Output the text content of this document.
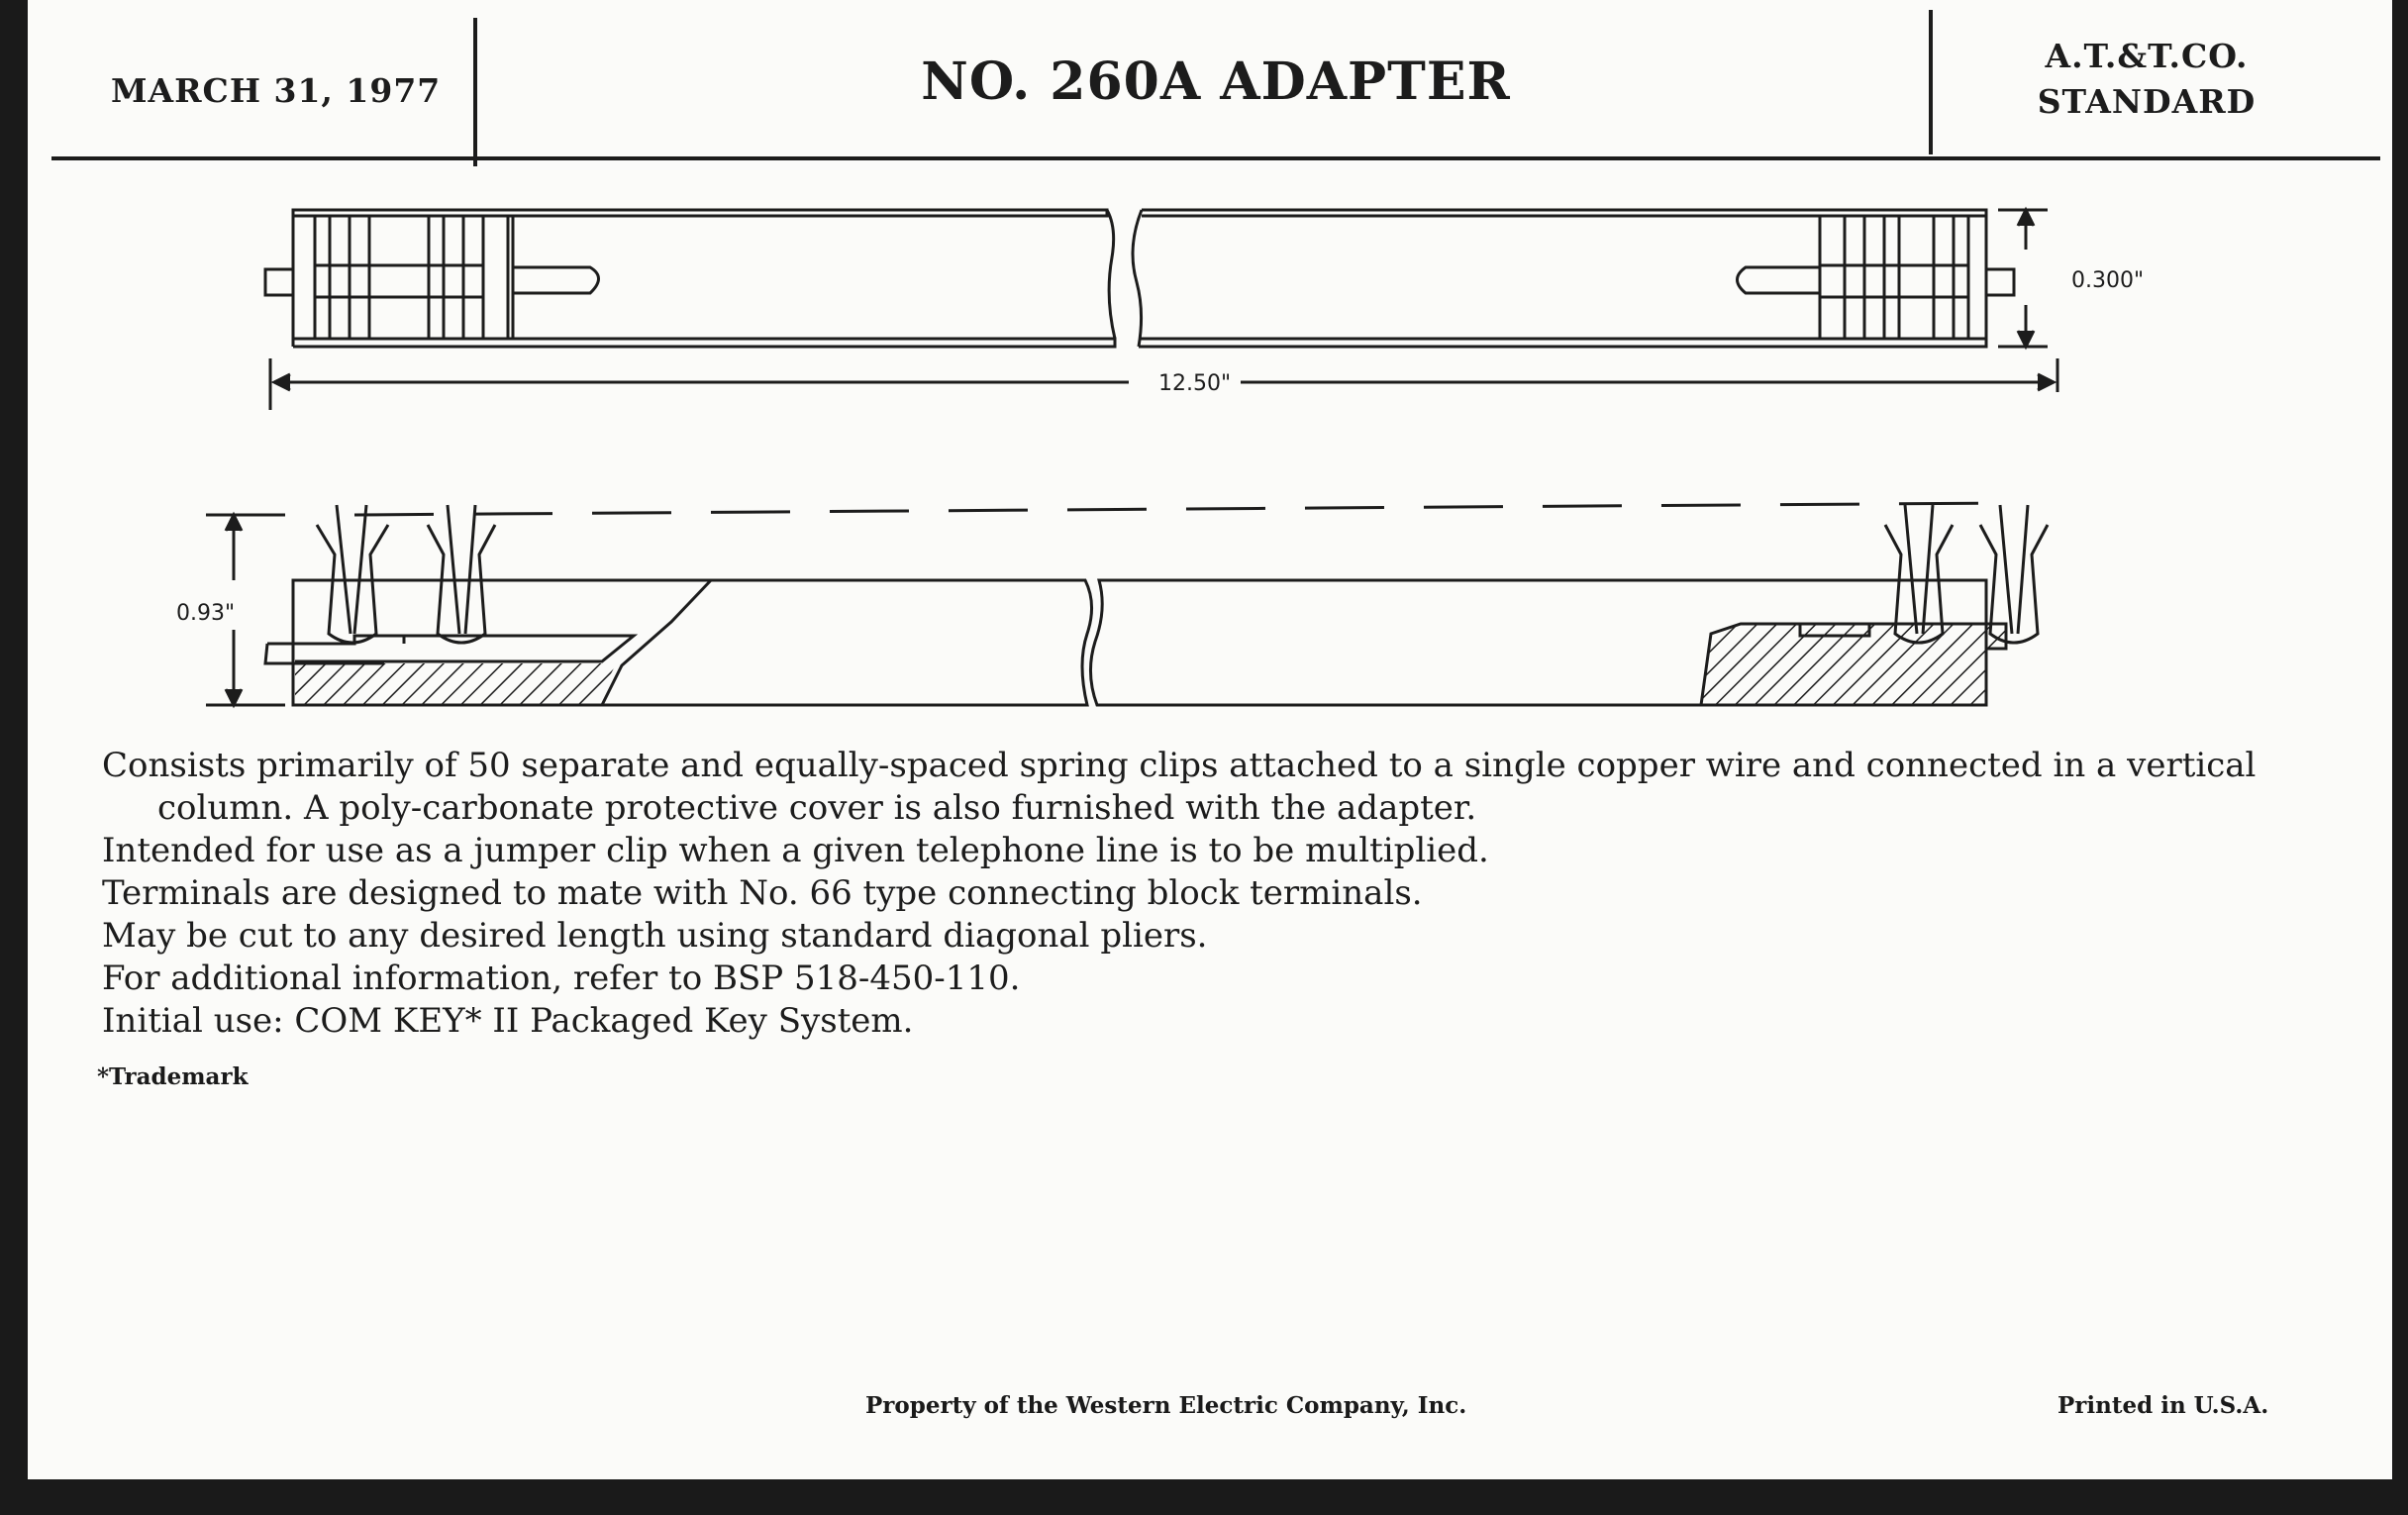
MARCH 31, 1977	NO. 260A ADAPTER	A.T.&T.CO.
STANDARD
0.300"
12.50"
0.93"

Consists primarily of 50 separate and equally-spaced spring clips attached to a single copper wire and connected in a vertical column. A poly-carbonate protective cover is also furnished with the adapter.

Intended for use as a jumper clip when a given telephone line is to be multiplied.

Terminals are designed to mate with No. 66 type connecting block terminals.

May be cut to any desired length using standard diagonal pliers.

For additional information, refer to BSP 518-450-110.

Initial use: COM KEY* II Packaged Key System.

*Trademark
Property of the Western Electric Company, Inc.	Printed in U.S.A.
